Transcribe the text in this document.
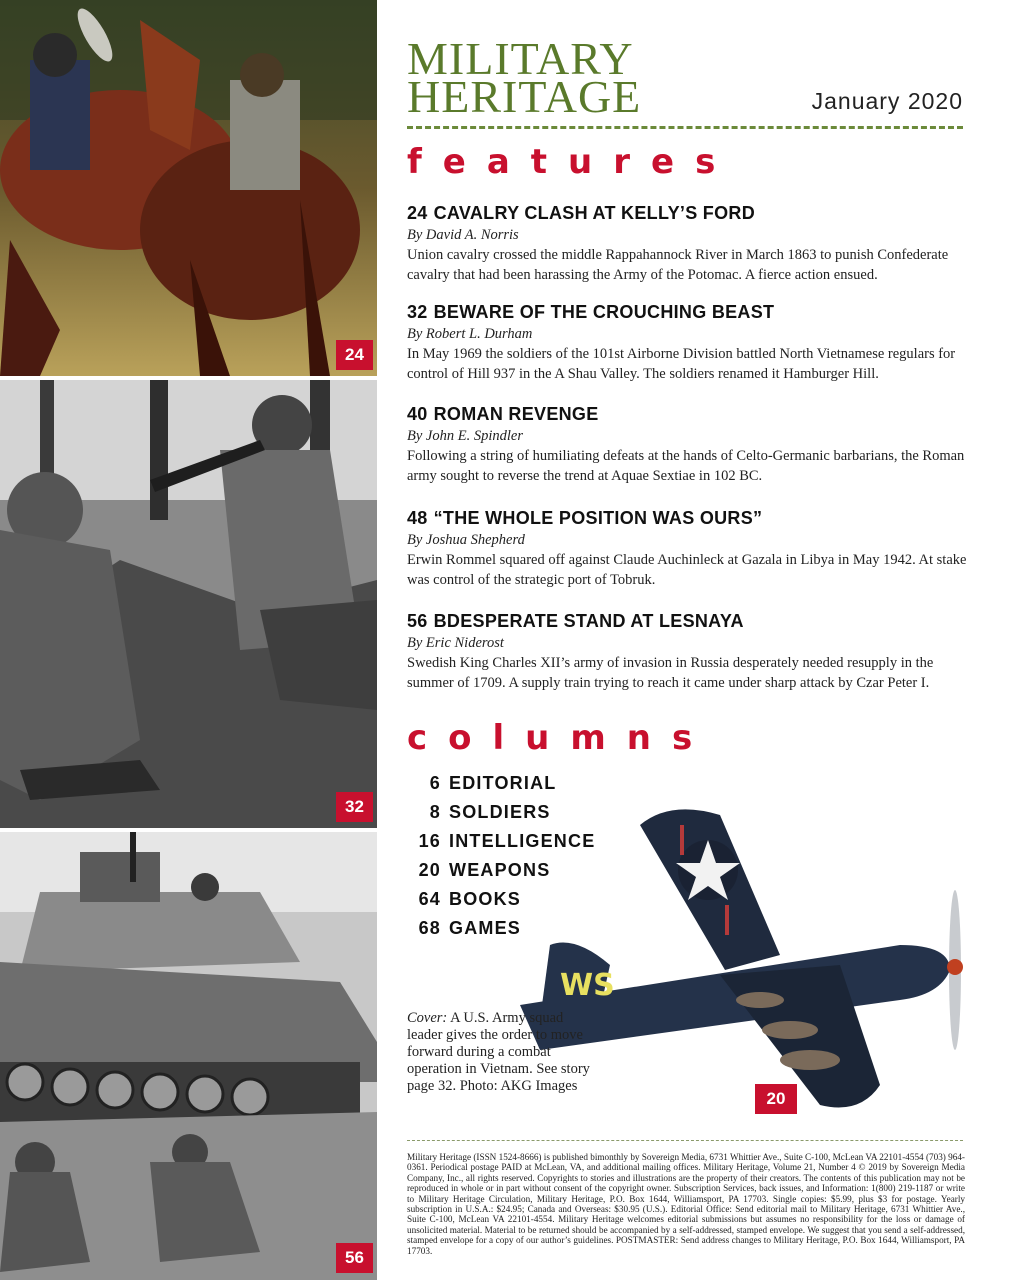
24
32
56
MILITARY
HERITAGE	January 2020
features
24 CAVALRY CLASH AT KELLY’S FORD
By David A. Norris
Union cavalry crossed the middle Rappahannock River in March 1863 to punish Confederate cavalry that had been harassing the Army of the Potomac. A fierce action ensued.
32 BEWARE OF THE CROUCHING BEAST
By Robert L. Durham
In May 1969 the soldiers of the 101st Airborne Division battled North Vietnamese regulars for control of Hill 937 in the A Shau Valley. The soldiers renamed it Hamburger Hill.
40 ROMAN REVENGE
By John E. Spindler
Following a string of humiliating defeats at the hands of Celto-Germanic barbarians, the Roman army sought to reverse the trend at Aquae Sextiae in 102 BC.
48 “THE WHOLE POSITION WAS OURS”
By Joshua Shepherd
Erwin Rommel squared off against Claude Auchinleck at Gazala in Libya in May 1942. At stake was control of the strategic port of Tobruk.
56 BDESPERATE STAND AT LESNAYA
By Eric Niderost
Swedish King Charles XII’s army of invasion in Russia desperately needed resupply in the summer of 1709. A supply train trying to reach it came under sharp attack by Czar Peter I.
columns
6 EDITORIAL
8 SOLDIERS
16 INTELLIGENCE
20 WEAPONS
64 BOOKS
68 GAMES
WS
20
Cover: A U.S. Army squad leader gives the order to move forward during a combat operation in Vietnam. See story page 32. Photo: AKG Images
Military Heritage (ISSN 1524-8666) is published bimonthly by Sovereign Media, 6731 Whittier Ave., Suite C-100, McLean VA 22101-4554 (703) 964-0361. Periodical postage PAID at McLean, VA, and additional mailing offices. Military Heritage, Volume 21, Number 4 © 2019 by Sovereign Media Company, Inc., all rights reserved. Copyrights to stories and illustrations are the property of their creators. The contents of this publication may not be reproduced in whole or in part without consent of the copyright owner. Subscription Services, back issues, and Information: 1(800) 219-1187 or write to Military Heritage Circulation, Military Heritage, P.O. Box 1644, Williamsport, PA 17703. Single copies: $5.99, plus $3 for postage. Yearly subscription in U.S.A.: $24.95; Canada and Overseas: $30.95 (U.S.). Editorial Office: Send editorial mail to Military Heritage, 6731 Whittier Ave., Suite C-100, McLean VA 22101-4554. Military Heritage welcomes editorial submissions but assumes no responsibility for the loss or damage of unsolicited material. Material to be returned should be accompanied by a self-addressed, stamped envelope. We suggest that you send a self-addressed, stamped envelope for a copy of our author’s guidelines. POSTMASTER: Send address changes to Military Heritage, P.O. Box 1644, Williamsport, PA 17703.
